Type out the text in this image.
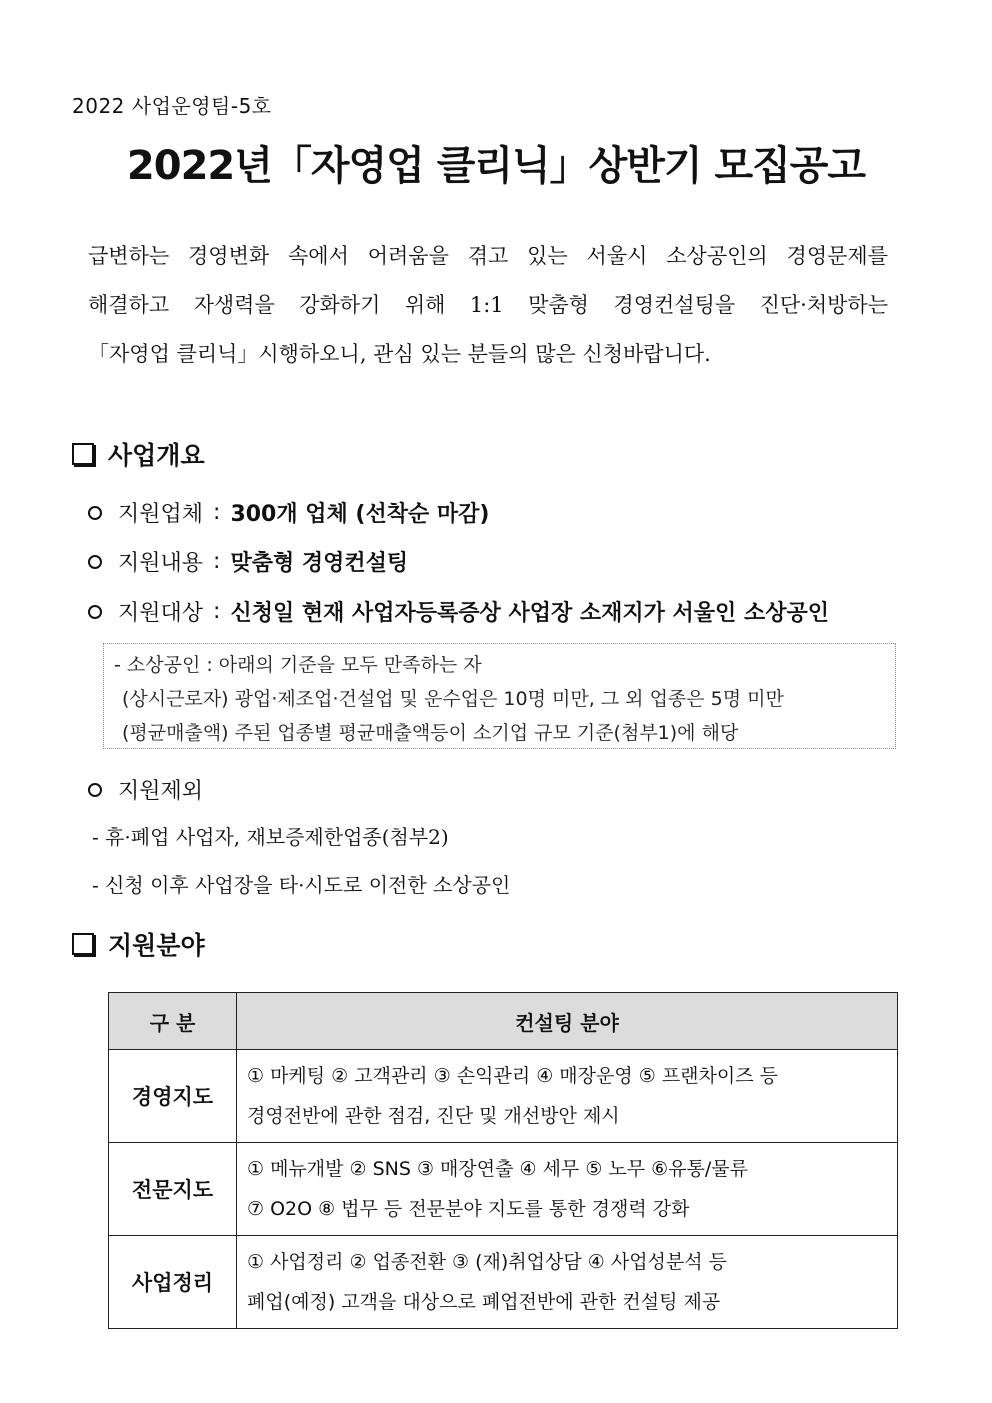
2022 사업운영팀-5호
2022년「자영업 클리닉」상반기 모집공고
급변하는 경영변화 속에서 어려움을 겪고 있는 서울시 소상공인의 경영문제를
해결하고 자생력을 강화하기 위해 1:1 맞춤형 경영컨설팅을 진단·처방하는
「자영업 클리닉」시행하오니, 관심 있는 분들의 많은 신청바랍니다.
사업개요
지원업체 : 300개 업체 (선착순 마감)
지원내용 : 맞춤형 경영컨설팅
지원대상 : 신청일 현재 사업자등록증상 사업장 소재지가 서울인 소상공인
- 소상공인 : 아래의 기준을 모두 만족하는 자
(상시근로자) 광업·제조업·건설업 및 운수업은 10명 미만, 그 외 업종은 5명 미만
(평균매출액) 주된 업종별 평균매출액등이 소기업 규모 기준(첨부1)에 해당
지원제외
- 휴·폐업 사업자, 재보증제한업종(첨부2)
- 신청 이후 사업장을 타·시도로 이전한 소상공인
지원분야
구 분	컨설팅 분야
경영지도	① 마케팅 ② 고객관리 ③ 손익관리 ④ 매장운영 ⑤ 프랜차이즈 등
경영전반에 관한 점검, 진단 및 개선방안 제시

전문지도	① 메뉴개발 ② SNS ③ 매장연출 ④ 세무 ⑤ 노무 ⑥유통/물류
⑦ O2O ⑧ 법무 등 전문분야 지도를 통한 경쟁력 강화

사업정리	① 사업정리 ② 업종전환 ③ (재)취업상담 ④ 사업성분석 등
폐업(예정) 고객을 대상으로 폐업전반에 관한 컨설팅 제공
